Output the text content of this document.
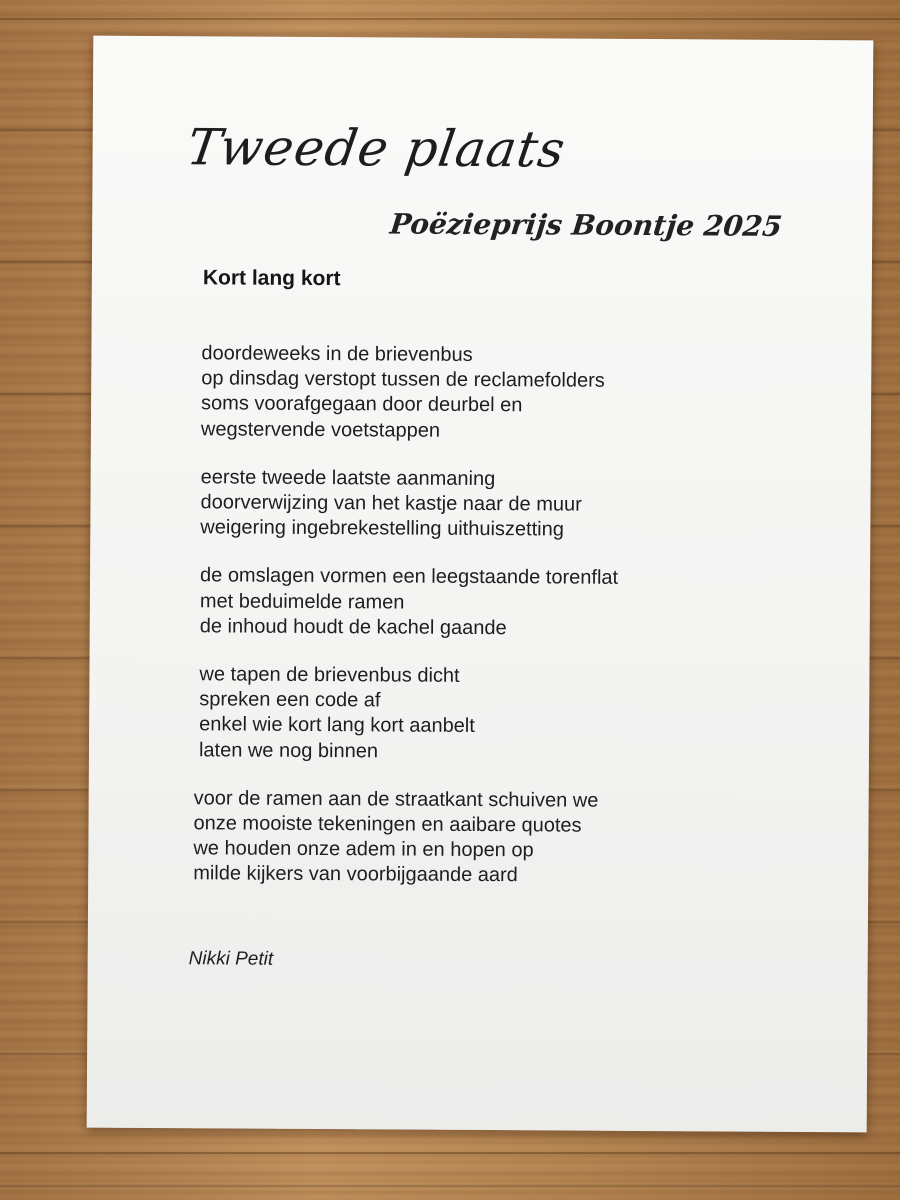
Tweede plaats
Poëzieprijs Boontje 2025
Kort lang kort

doordeweeks in de brievenbus
op dinsdag verstopt tussen de reclamefolders
soms voorafgegaan door deurbel en
wegstervende voetstappen

eerste tweede laatste aanmaning
doorverwijzing van het kastje naar de muur
weigering ingebrekestelling uithuiszetting

de omslagen vormen een leegstaande torenflat
met beduimelde ramen
de inhoud houdt de kachel gaande

we tapen de brievenbus dicht
spreken een code af
enkel wie kort lang kort aanbelt
laten we nog binnen

voor de ramen aan de straatkant schuiven we
onze mooiste tekeningen en aaibare quotes
we houden onze adem in en hopen op
milde kijkers van voorbijgaande aard

Nikki Petit
